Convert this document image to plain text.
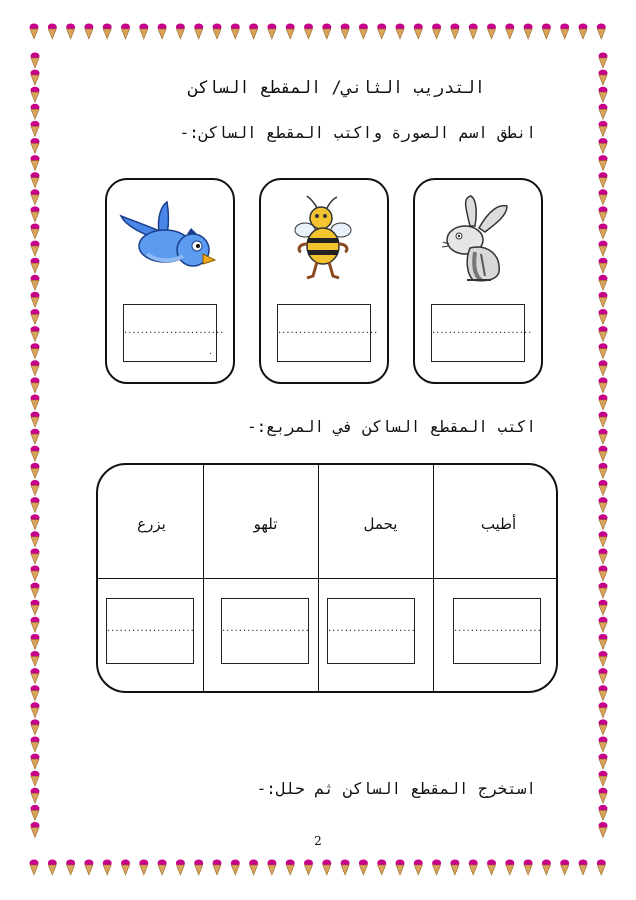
التدريب الثاني/ المقطع الساكن
انطق اسم الصورة واكتب المقطع الساكن:-
........................
........................
........................
.
اكتب المقطع الساكن في المربع:-
أطيب
يحمل
تلهو
يزرع
.....................
.....................
.....................
.....................
استخرج المقطع الساكن ثم حلل:-
2
